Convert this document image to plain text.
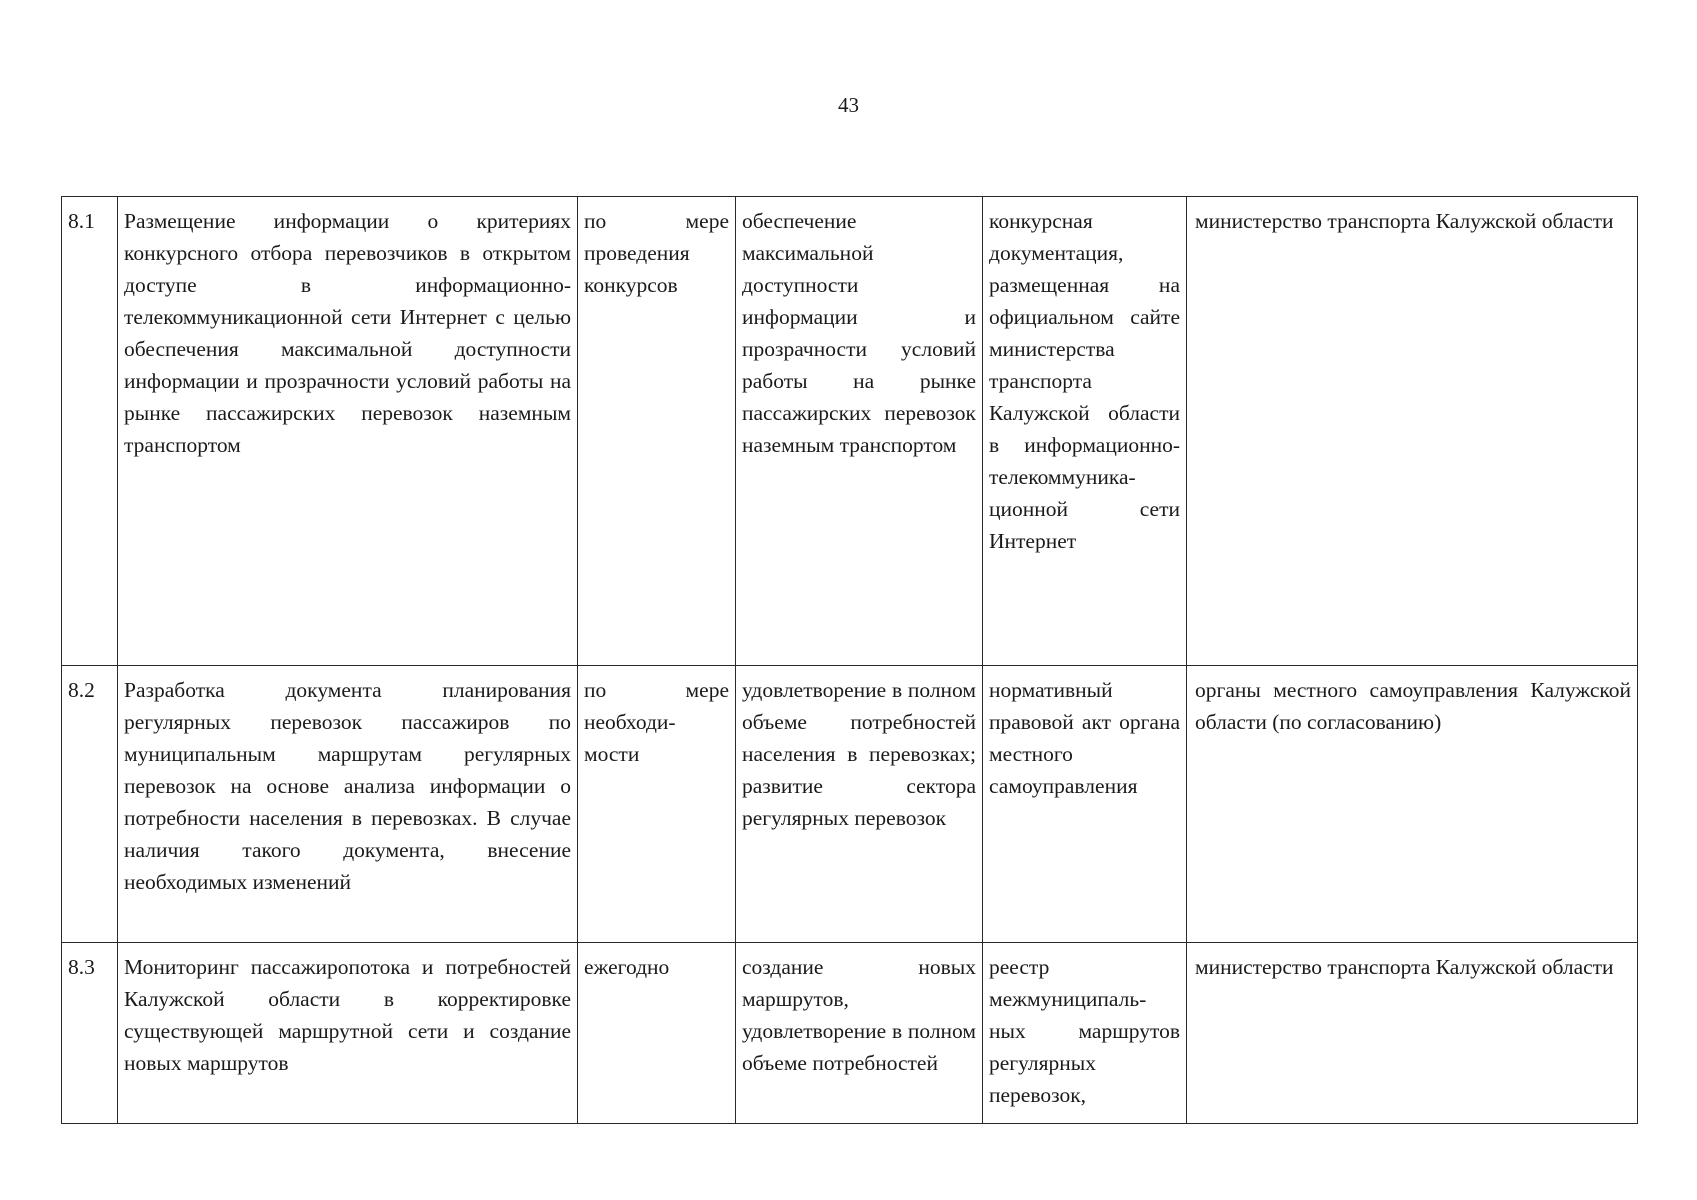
43
8.1	Размещение информации о критериях конкурсного отбора перевозчиков в открытом доступе в информационно-телекоммуникационной сети Интернет с целью обеспечения максимальной доступности информации и прозрачности условий работы на рынке пассажирских перевозок наземным транспортом	по мере проведения конкурсов	обеспечение максимальной доступности информации и прозрачности условий работы на рынке пассажирских перевозок наземным транспортом	конкурсная документация, размещенная на официальном сайте министерства транспорта Калужской области в информационно-телекоммуника-ционной сети Интернет	министерство транспорта Калужской области
8.2	Разработка документа планирования регулярных перевозок пассажиров по муниципальным маршрутам регулярных перевозок на основе анализа информации о потребности населения в перевозках. В случае наличия такого документа, внесение необходимых изменений	по мере необходи-мости	удовлетворение в полном объеме потребностей населения в перевозках; развитие сектора регулярных перевозок	нормативный правовой акт органа местного самоуправления	органы местного самоуправления Калужской области (по согласованию)
8.3	Мониторинг пассажиропотока и потребностей Калужской области в корректировке существующей маршрутной сети и создание новых маршрутов	ежегодно	создание новых маршрутов, удовлетворение в полном объеме потребностей	реестр межмуниципаль-ных маршрутов регулярных перевозок,	министерство транспорта Калужской области
